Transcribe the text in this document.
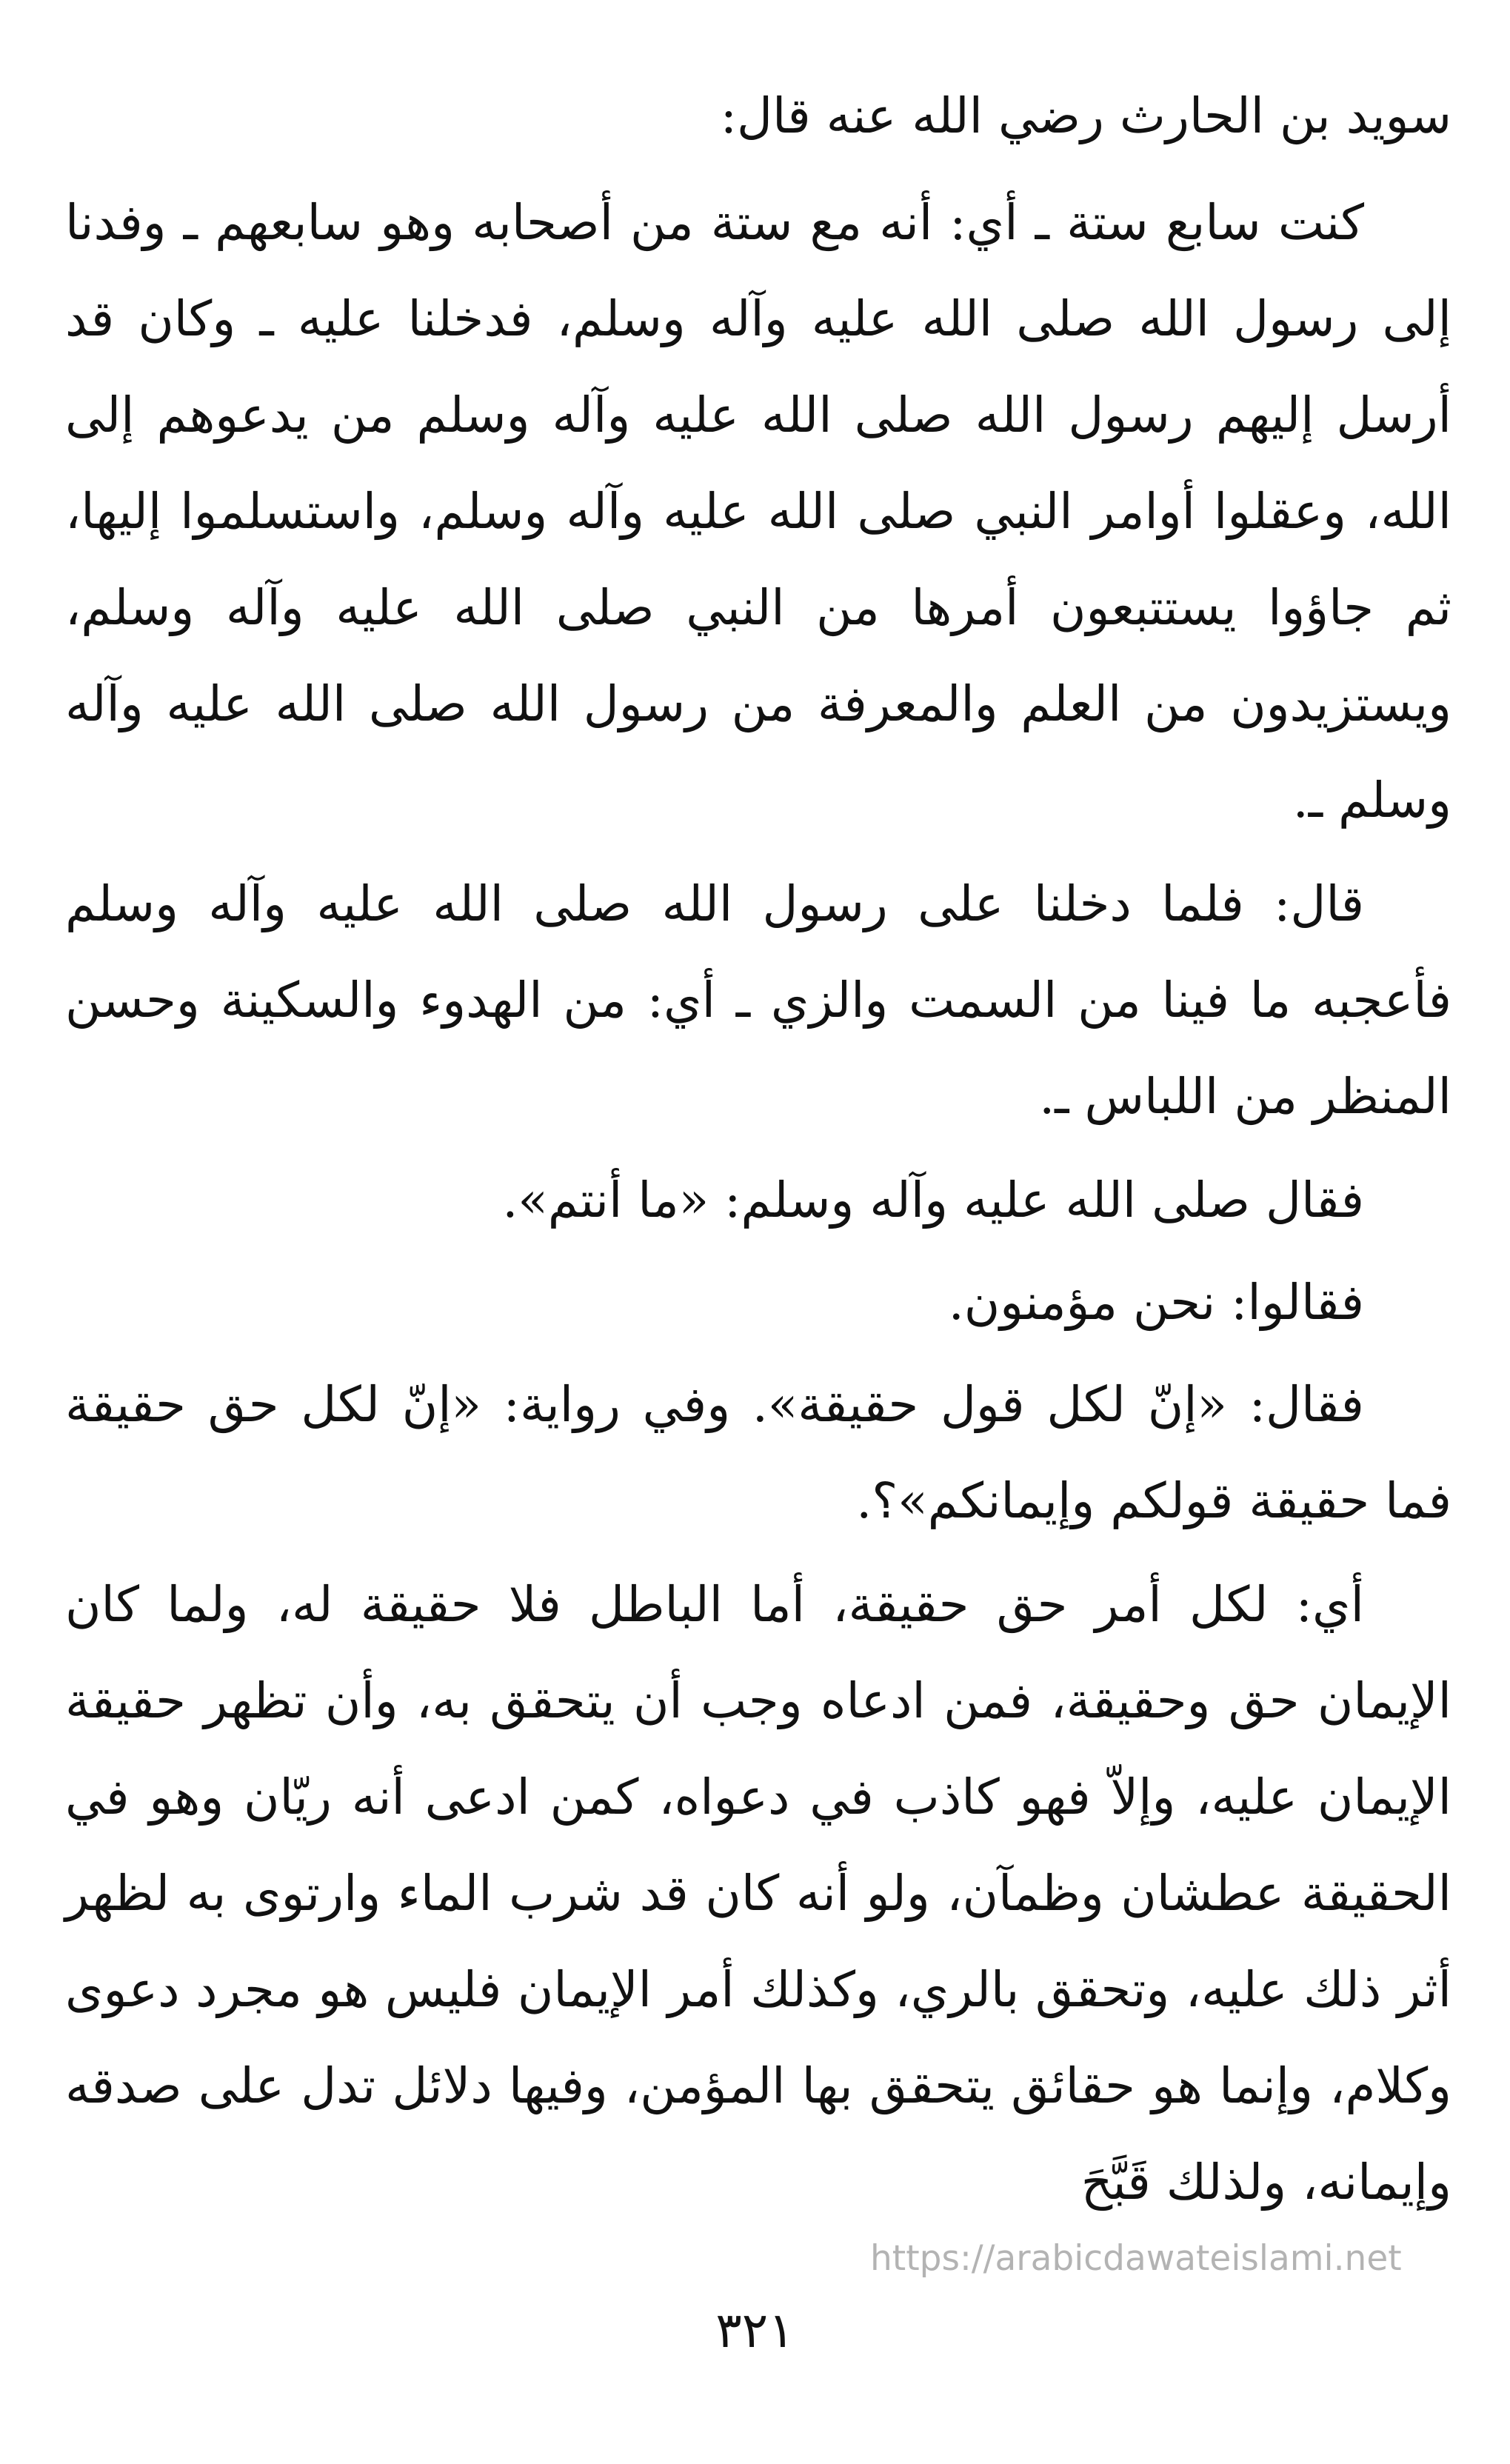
سويد بن الحارث رضي الله عنه قال:

كنت سابع ستة ـ أي: أنه مع ستة من أصحابه وهو سابعهم ـ وفدنا إلى رسول الله صلى الله عليه وآله وسلم، فدخلنا عليه ـ وكان قد أرسل إليهم رسول الله صلى الله عليه وآله وسلم من يدعوهم إلى الله، وعقلوا أوامر النبي صلى الله عليه وآله وسلم، واستسلموا إليها، ثم جاؤوا يستتبعون أمرها من النبي صلى الله عليه وآله وسلم، ويستزيدون من العلم والمعرفة من رسول الله صلى الله عليه وآله وسلم ـ.

قال: فلما دخلنا على رسول الله صلى الله عليه وآله وسلم فأعجبه ما فينا من السمت والزي ـ أي: من الهدوء والسكينة وحسن المنظر من اللباس ـ.

فقال صلى الله عليه وآله وسلم: «ما أنتم».

فقالوا: نحن مؤمنون.

فقال: «إنّ لكل قول حقيقة». وفي رواية: «إنّ لكل حق حقيقة فما حقيقة قولكم وإيمانكم»؟.

أي: لكل أمر حق حقيقة، أما الباطل فلا حقيقة له، ولما كان الإيمان حق وحقيقة، فمن ادعاه وجب أن يتحقق به، وأن تظهر حقيقة الإيمان عليه، وإلاّ فهو كاذب في دعواه، كمن ادعى أنه ريّان وهو في الحقيقة عطشان وظمآن، ولو أنه كان قد شرب الماء وارتوى به لظهر أثر ذلك عليه، وتحقق بالري، وكذلك أمر الإيمان فليس هو مجرد دعوى وكلام، وإنما هو حقائق يتحقق بها المؤمن، وفيها دلائل تدل على صدقه وإيمانه، ولذلك قَبَّحَ

https://arabicdawateislami.net
٣٢١
